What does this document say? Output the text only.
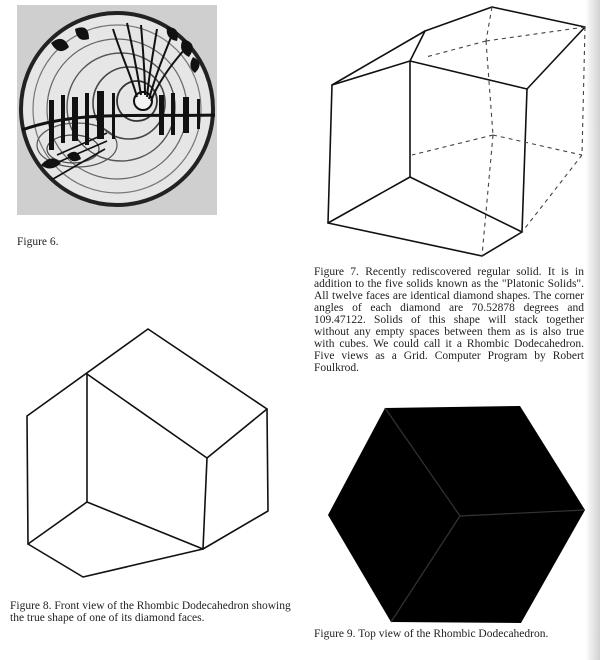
Figure 6.

Figure 7. Recently rediscovered regular solid. It is in addition to the five solids known as the "Platonic Solids". All twelve faces are identical diamond shapes. The corner angles of each diamond are 70.52878 degrees and 109.47122. Solids of this shape will stack together without any empty spaces between them as is also true with cubes. We could call it a Rhombic Dodecahedron. Five views as a Grid. Computer Program by Robert Foulkrod.

Figure 8. Front view of the Rhombic Dodecahedron showing the true shape of one of its diamond faces.

Figure 9. Top view of the Rhombic Dodecahedron.
